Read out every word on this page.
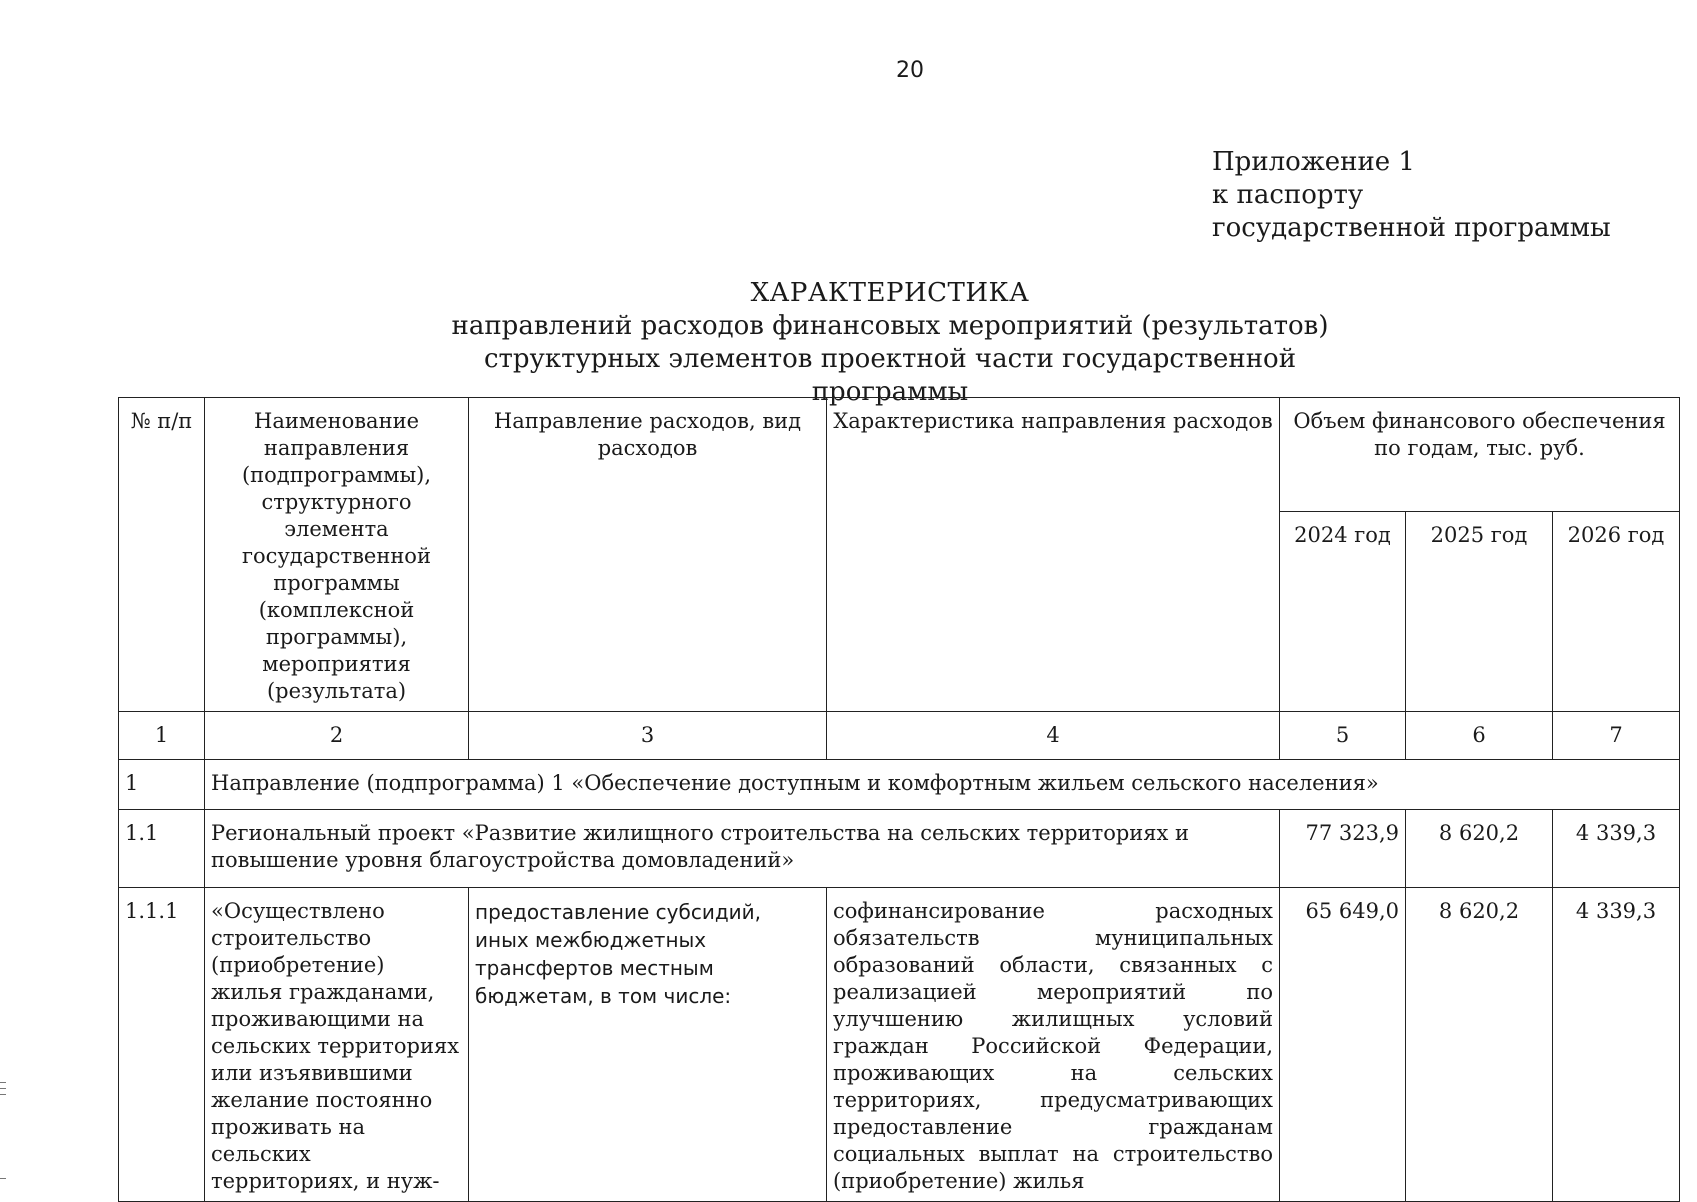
20
Приложение 1
к паспорту
государственной программы
ХАРАКТЕРИСТИКА
направлений расходов финансовых мероприятий (результатов)
структурных элементов проектной части государственной программы
№ п/п	Наименование направления (подпрограммы), структурного элемента государственной программы (комплексной программы), мероприятия (результата)	Направление расходов, вид расходов	Характеристика направления расходов	Объем финансового обеспечения по годам, тыс. руб.		
				2024 год	2025 год	2026 год
1	2	3	4	5	6	7
1	Направление (подпрограмма) 1 «Обеспечение доступным и комфортным жильем сельского населения»					
1.1	Региональный проект «Развитие жилищного строительства на сельских территориях и повышение уровня благоустройства домовладений»			77 323,9	8 620,2	4 339,3
1.1.1	«Осуществлено строительство (приобретение) жилья гражданами, проживающими на сельских территориях или изъявившими желание постоянно проживать на сельских территориях, и нуж-	предоставление субсидий, иных межбюджетных трансфертов местным бюджетам, в том числе:	софинансирование расходных обязательств муниципальных образований области, связанных с реализацией мероприятий по улучшению жилищных условий граждан Российской Федерации, проживающих на сельских территориях, предусматривающих предоставление гражданам социальных выплат на строительство (приобретение) жилья	65 649,0	8 620,2	4 339,3
